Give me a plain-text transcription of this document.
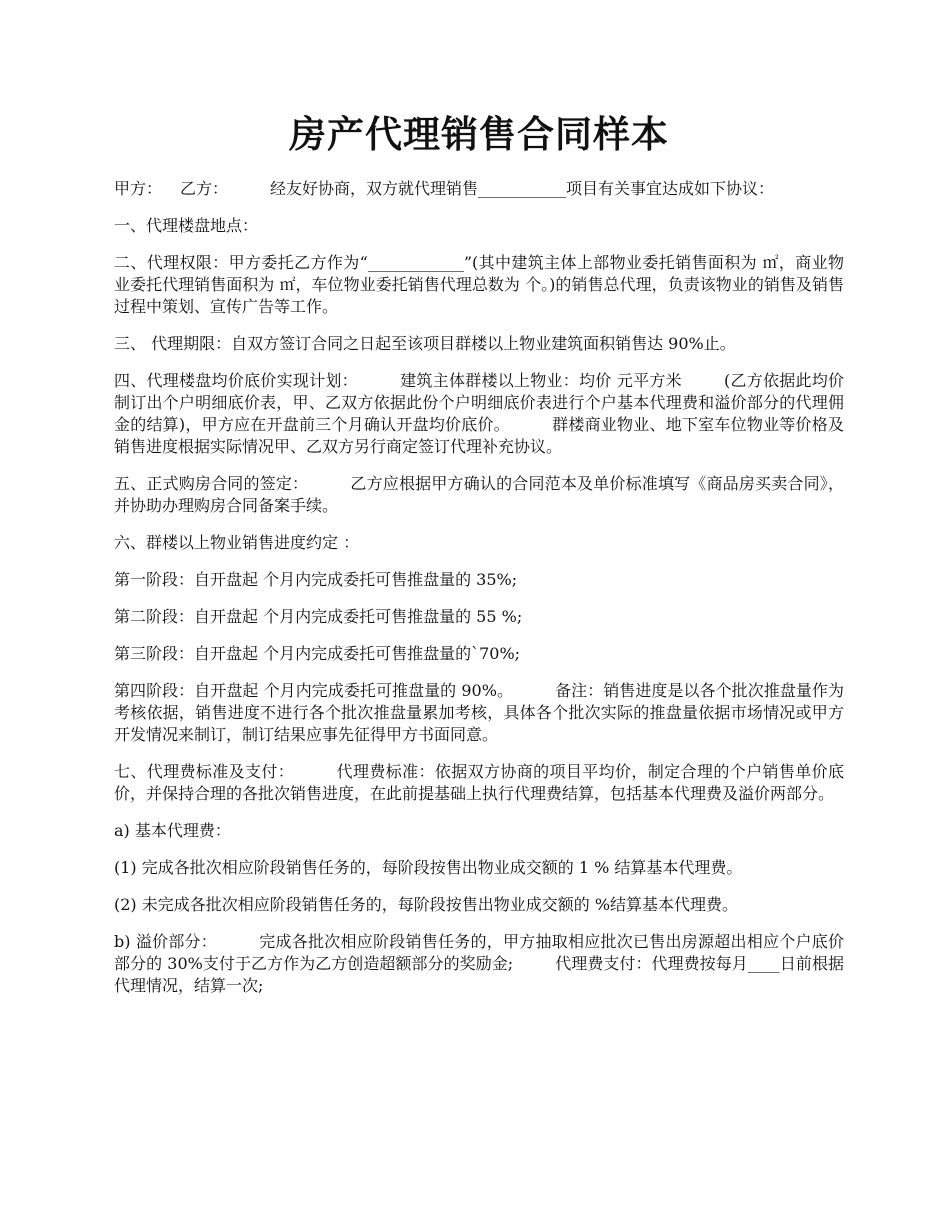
房产代理销售合同样本

甲方： 乙方：	经友好协商，双方就代理销售___________项目有关事宜达成如下协议：

一、代理楼盘地点：

二、代理权限：甲方委托乙方作为“____________”(其中建筑主体上部物业委托销售面积为 ㎡，商业物业委托代理销售面积为 ㎡，车位物业委托销售代理总数为 个。)的销售总代理，负责该物业的销售及销售过程中策划、宣传广告等工作。

三、 代理期限：自双方签订合同之日起至该项目群楼以上物业建筑面积销售达 90%止。

四、代理楼盘均价底价实现计划：	建筑主体群楼以上物业：均价 元平方米	(乙方依据此均价制订出个户明细底价表，甲、乙双方依据此份个户明细底价表进行个户基本代理费和溢价部分的代理佣金的结算)，甲方应在开盘前三个月确认开盘均价底价。	群楼商业物业、地下室车位物业等价格及销售进度根据实际情况甲、乙双方另行商定签订代理补充协议。

五、正式购房合同的签定：	乙方应根据甲方确认的合同范本及单价标准填写《商品房买卖合同》，并协助办理购房合同备案手续。

六、群楼以上物业销售进度约定 ：

第一阶段：自开盘起 个月内完成委托可售推盘量的 35%;

第二阶段：自开盘起 个月内完成委托可售推盘量的 55 %;

第三阶段：自开盘起 个月内完成委托可售推盘量的`70%;

第四阶段：自开盘起 个月内完成委托可推盘量的 90%。	备注：销售进度是以各个批次推盘量作为考核依据，销售进度不进行各个批次推盘量累加考核，具体各个批次实际的推盘量依据市场情况或甲方开发情况来制订，制订结果应事先征得甲方书面同意。

七、代理费标准及支付：	代理费标准：依据双方协商的项目平均价，制定合理的个户销售单价底价，并保持合理的各批次销售进度，在此前提基础上执行代理费结算，包括基本代理费及溢价两部分。

a) 基本代理费：

(1) 完成各批次相应阶段销售任务的，每阶段按售出物业成交额的 1 % 结算基本代理费。

(2) 未完成各批次相应阶段销售任务的，每阶段按售出物业成交额的 %结算基本代理费。

b) 溢价部分：	完成各批次相应阶段销售任务的，甲方抽取相应批次已售出房源超出相应个户底价部分的 30%支付于乙方作为乙方创造超额部分的奖励金;	代理费支付：代理费按每月____日前根据代理情况，结算一次;
